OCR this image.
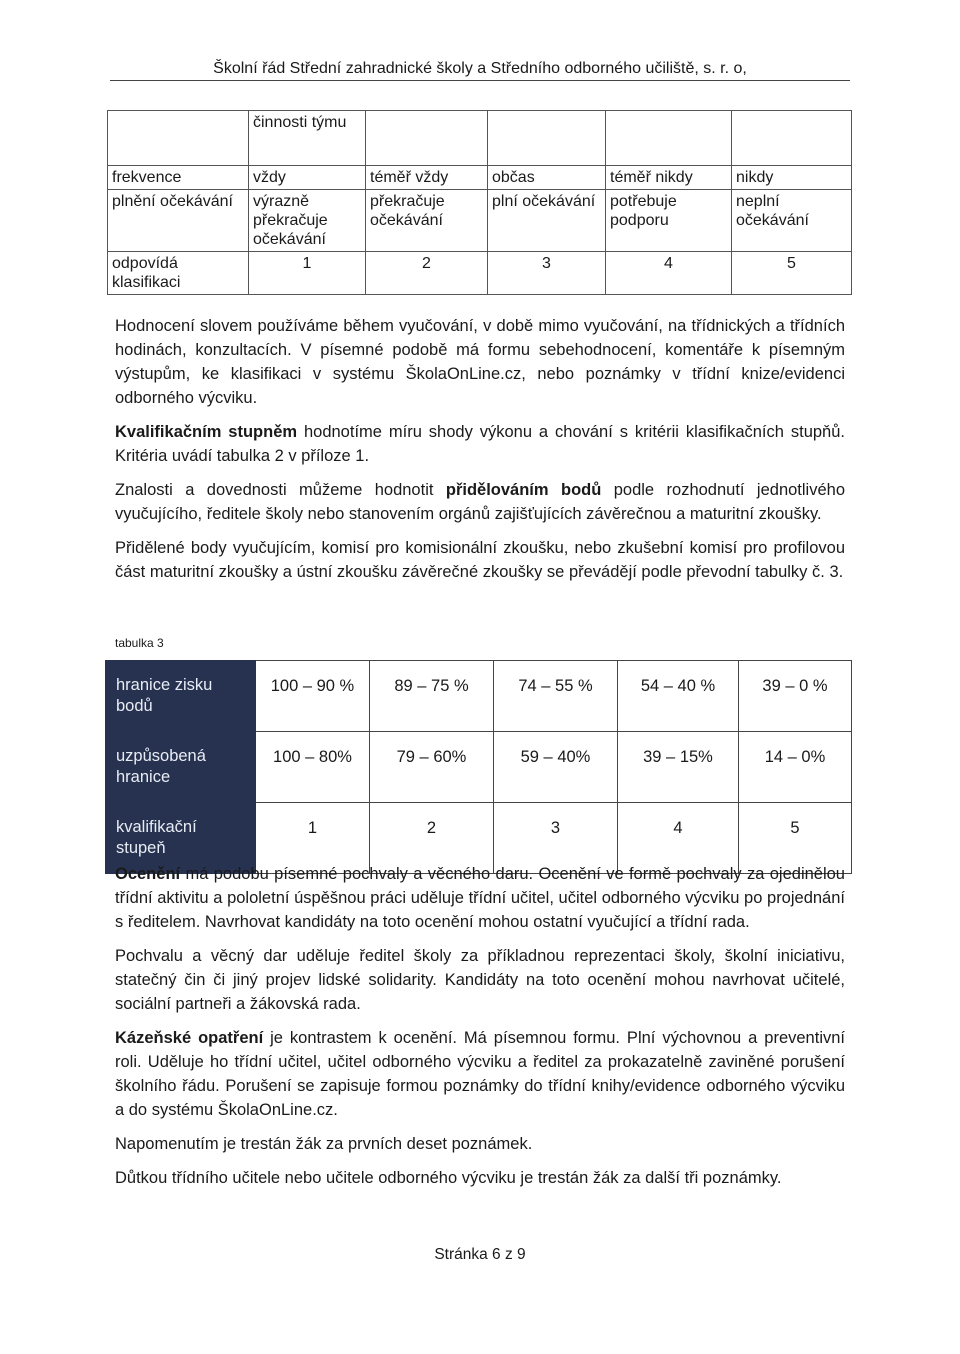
Školní řád Střední zahradnické školy a Středního odborného učiliště, s. r. o,
	činnosti týmu				
frekvence	vždy	téměř vždy	občas	téměř nikdy	nikdy
plnění očekávání	výrazně překračuje očekávání	překračuje očekávání	plní očekávání	potřebuje podporu	neplní očekávání
odpovídá klasifikaci	1	2	3	4	5

Hodnocení slovem používáme během vyučování, v době mimo vyučování, na třídnických a třídních hodinách, konzultacích. V písemné podobě má formu sebehodnocení, komentáře k písemným výstupům, ke klasifikaci v systému ŠkolaOnLine.cz, nebo poznámky v třídní knize/evidenci odborného výcviku.

Kvalifikačním stupněm hodnotíme míru shody výkonu a chování s kritérii klasifikačních stupňů. Kritéria uvádí tabulka 2 v příloze 1.

Znalosti a dovednosti můžeme hodnotit přidělováním bodů podle rozhodnutí jednotlivého vyučujícího, ředitele školy nebo stanovením orgánů zajišťujících závěrečnou a maturitní zkoušky.

Přidělené body vyučujícím, komisí pro komisionální zkoušku, nebo zkušební komisí pro profilovou část maturitní zkoušky a ústní zkoušku závěrečné zkoušky se převádějí podle převodní tabulky č. 3.

tabulka 3
hranice zisku bodů	100 – 90 %	89 – 75 %	74 – 55 %	54 – 40 %	39 – 0 %
uzpůsobená hranice	100 – 80%	79 – 60%	59 – 40%	39 – 15%	14 – 0%
kvalifikační stupeň	1	2	3	4	5

Ocenění má podobu písemné pochvaly a věcného daru. Ocenění ve formě pochvaly za ojedinělou třídní aktivitu a pololetní úspěšnou práci uděluje třídní učitel, učitel odborného výcviku po projednání s ředitelem. Navrhovat kandidáty na toto ocenění mohou ostatní vyučující a třídní rada.

Pochvalu a věcný dar uděluje ředitel školy za příkladnou reprezentaci školy, školní iniciativu, statečný čin či jiný projev lidské solidarity. Kandidáty na toto ocenění mohou navrhovat učitelé, sociální partneři a žákovská rada.

Kázeňské opatření je kontrastem k ocenění. Má písemnou formu. Plní výchovnou a preventivní roli. Uděluje ho třídní učitel, učitel odborného výcviku a ředitel za prokazatelně zaviněné porušení školního řádu. Porušení se zapisuje formou poznámky do třídní knihy/evidence odborného výcviku a do systému ŠkolaOnLine.cz.

Napomenutím je trestán žák za prvních deset poznámek.

Důtkou třídního učitele nebo učitele odborného výcviku je trestán žák za další tři poznámky.

Stránka 6 z 9
